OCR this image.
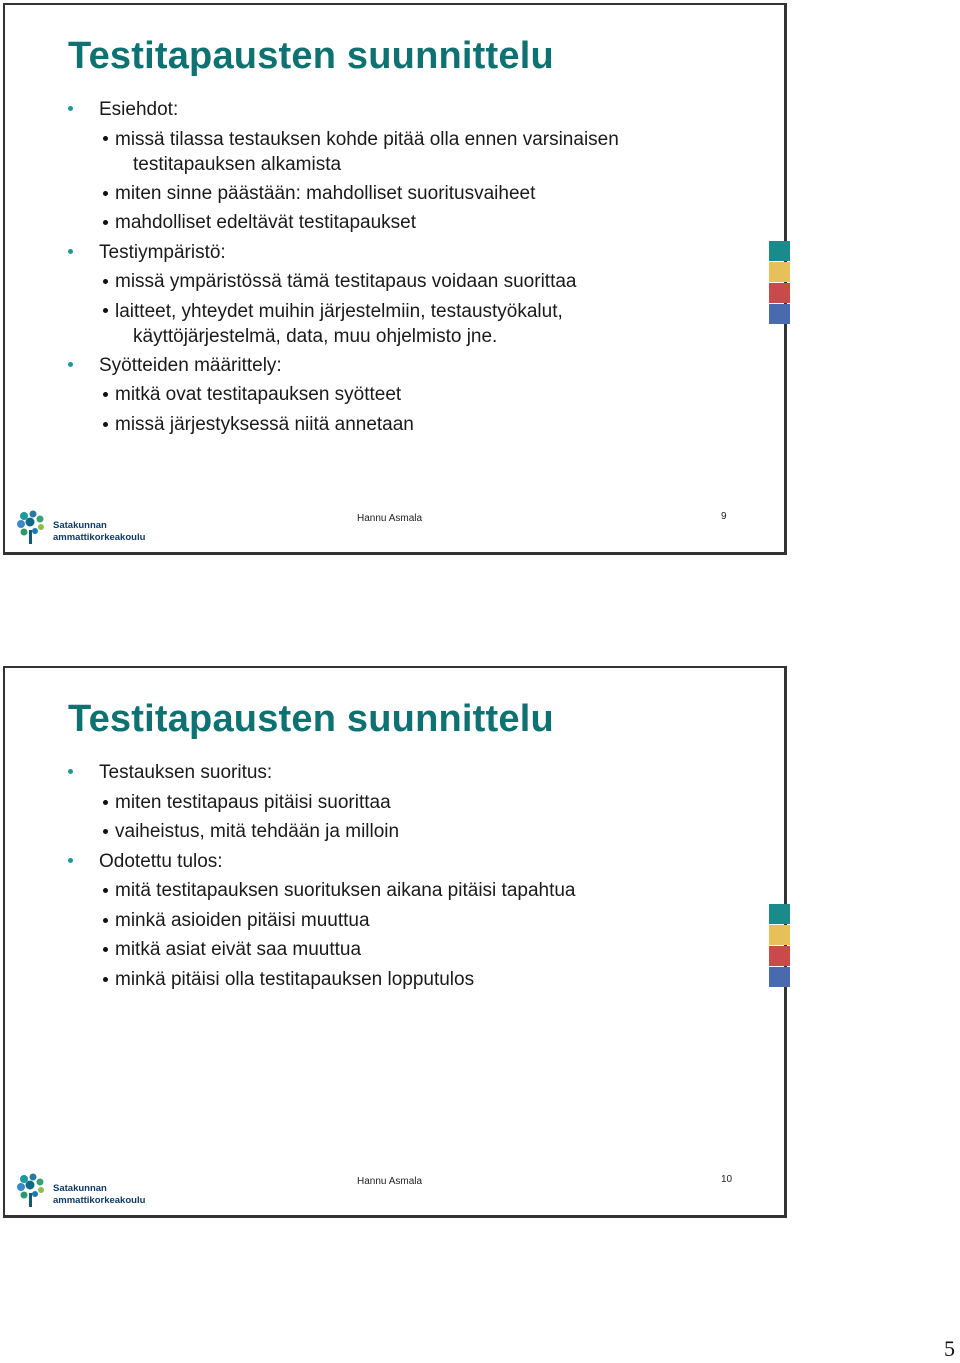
Testitapausten suunnittelu

Esiehdot:

missä tilassa testauksen kohde pitää olla ennen varsinaisen
testitapauksen alkamista

miten sinne päästään: mahdolliset suoritusvaiheet

mahdolliset edeltävät testitapaukset

Testiympäristö:

missä ympäristössä tämä testitapaus voidaan suorittaa

laitteet, yhteydet muihin järjestelmiin, testaustyökalut,
käyttöjärjestelmä, data, muu ohjelmisto jne.

Syötteiden määrittely:

mitkä ovat testitapauksen syötteet

missä järjestyksessä niitä annetaan

Satakunnan
ammattikorkeakoulu
Hannu Asmala	9
Testitapausten suunnittelu

Testauksen suoritus:

miten testitapaus pitäisi suorittaa

vaiheistus, mitä tehdään ja milloin

Odotettu tulos:

mitä testitapauksen suorituksen aikana pitäisi tapahtua

minkä asioiden pitäisi muuttua

mitkä asiat eivät saa muuttua

minkä pitäisi olla testitapauksen lopputulos

Satakunnan
ammattikorkeakoulu
Hannu Asmala	10
5
